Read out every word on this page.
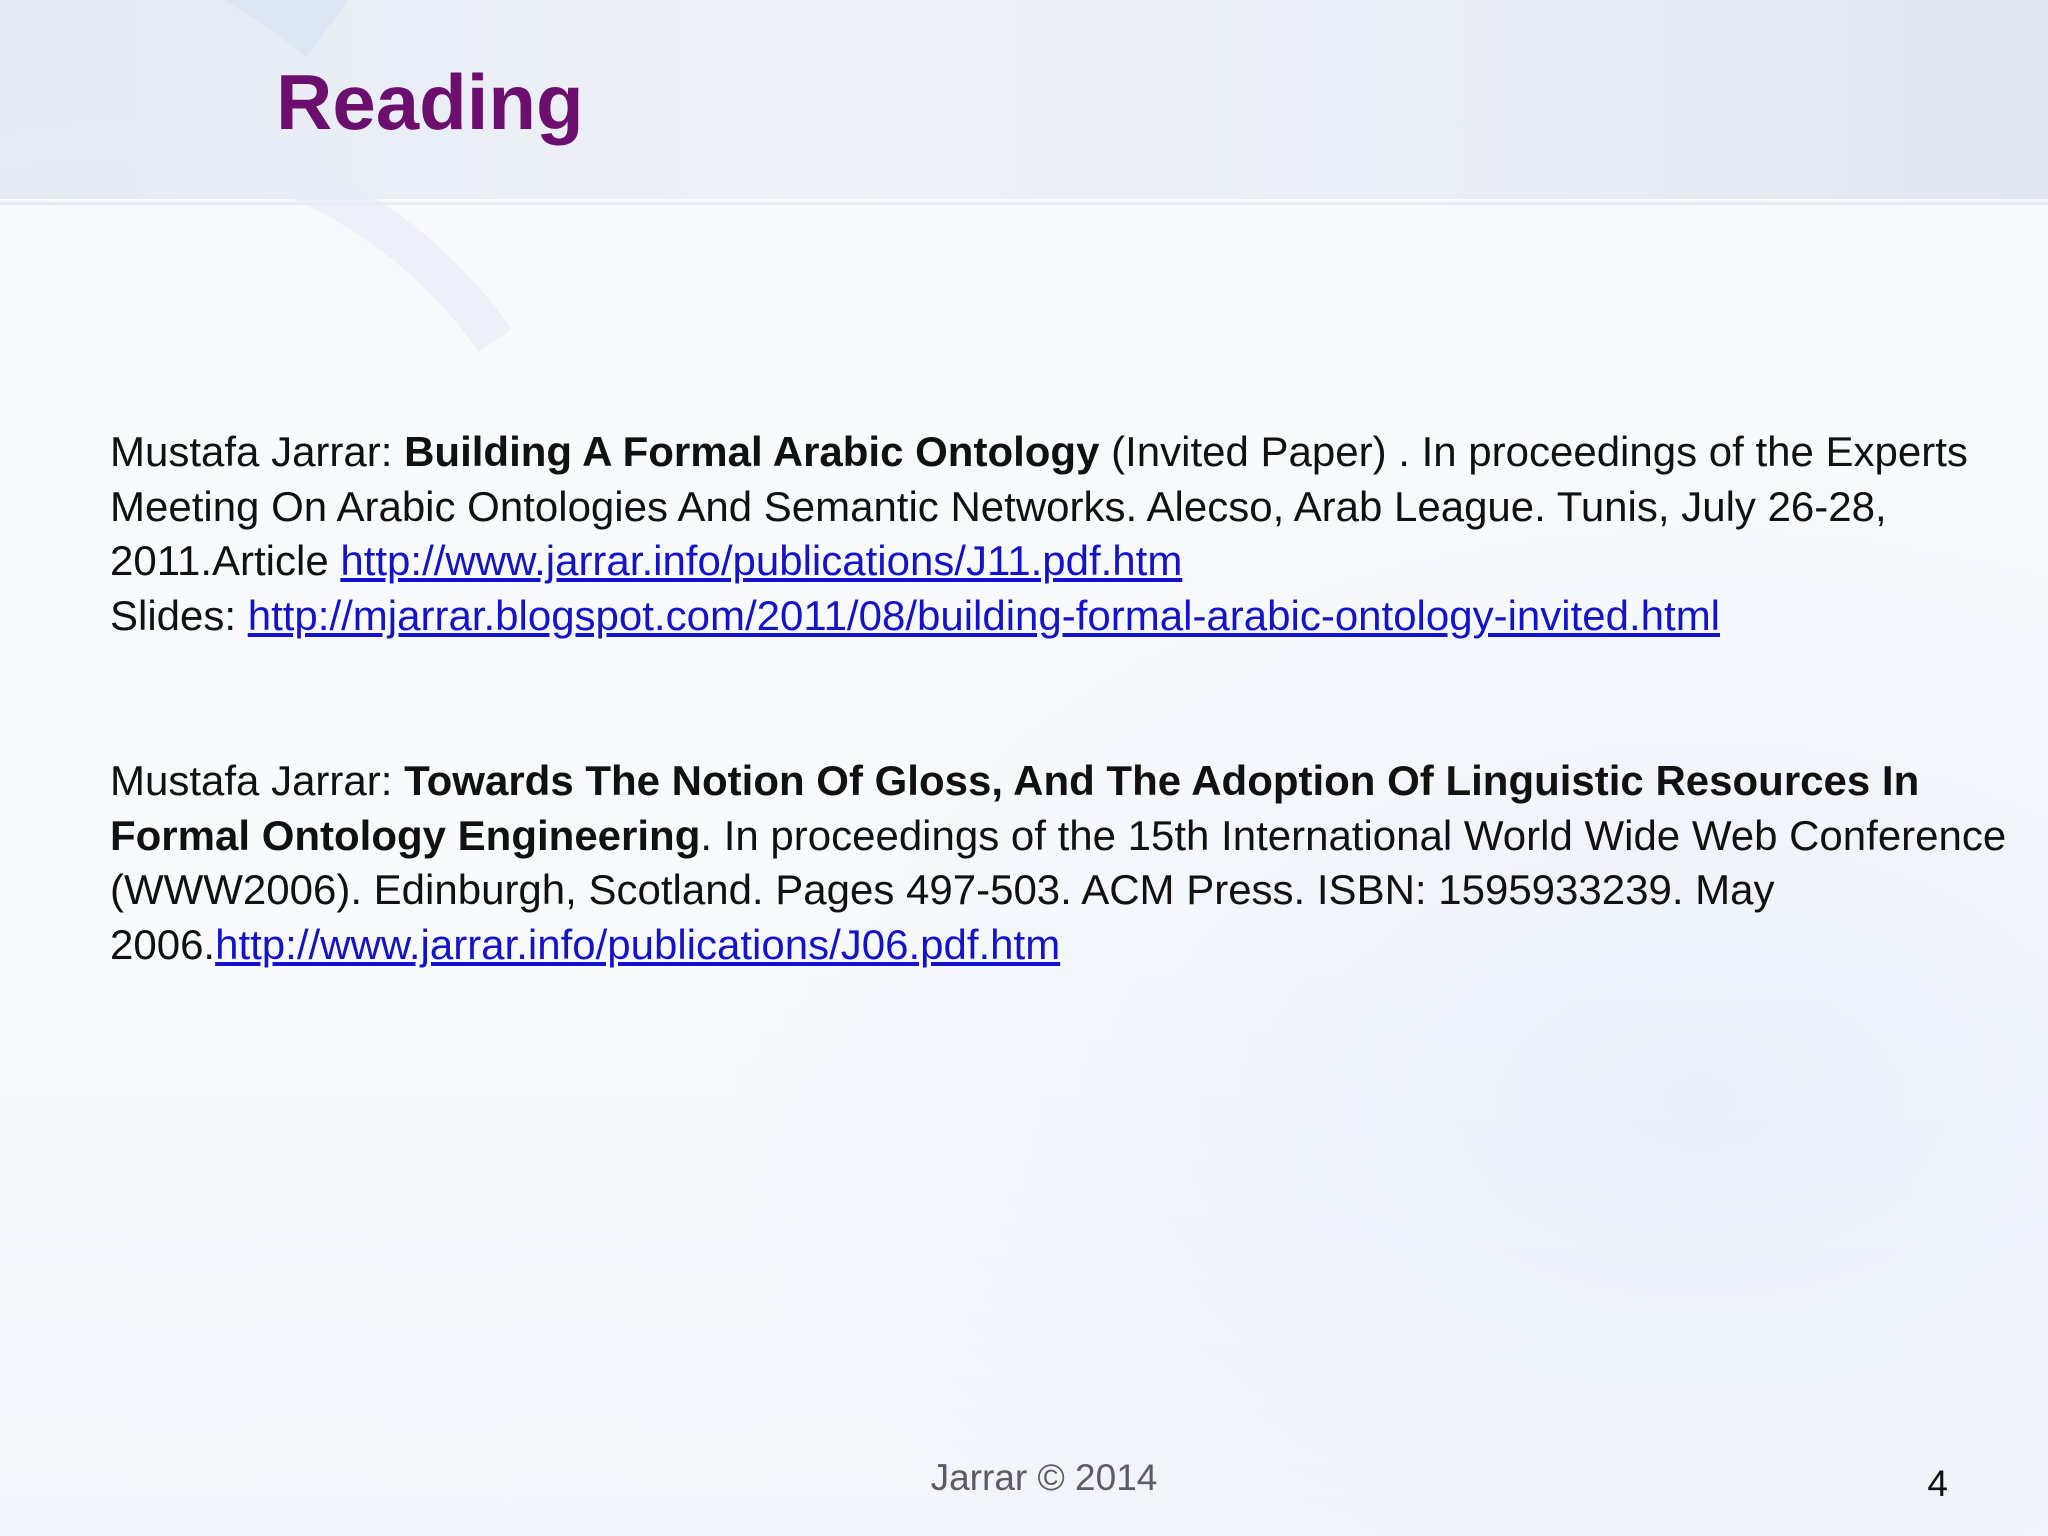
Reading
Mustafa Jarrar: Building A Formal Arabic Ontology (Invited Paper) . In proceedings of the Experts Meeting On Arabic Ontologies And Semantic Networks. Alecso, Arab League. Tunis, July 26-28, 2011.Article http://www.jarrar.info/publications/J11.pdf.htm
Slides: http://mjarrar.blogspot.com/2011/08/building-formal-arabic-ontology-invited.html
Mustafa Jarrar: Towards The Notion Of Gloss, And The Adoption Of Linguistic Resources In Formal Ontology Engineering. In proceedings of the 15th International World Wide Web Conference (WWW2006). Edinburgh, Scotland. Pages 497-503. ACM Press. ISBN: 1595933239. May 2006.http://www.jarrar.info/publications/J06.pdf.htm
Jarrar © 2014	4
